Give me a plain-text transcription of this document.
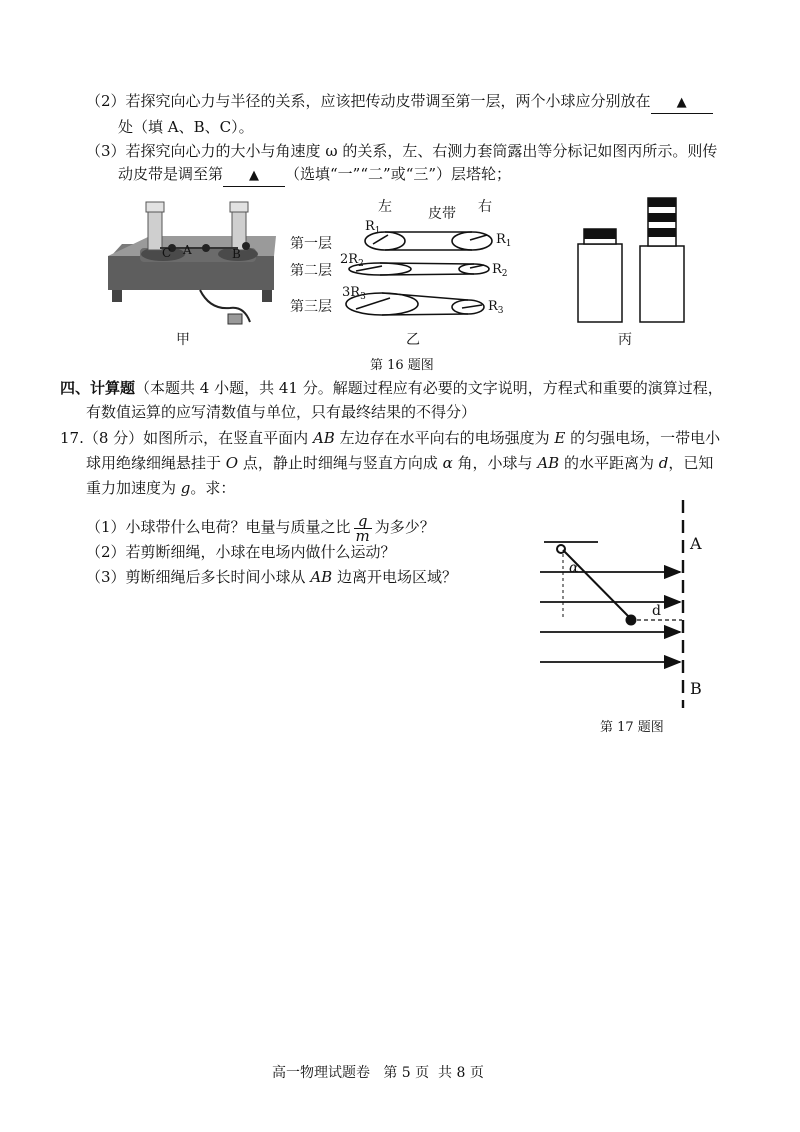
（2）若探究向心力与半径的关系，应该把传动皮带调至第一层，两个小球应分别放在 ▲
处（填 A、B、C）。
（3）若探究向心力的大小与角速度 ω 的关系，左、右测力套筒露出等分标记如图丙所示。则传
动皮带是调至第 ▲ （选填“一”“二”或“三”）层塔轮；
C A	B
甲
左	皮带 右
第一层
$R_1$
$R_1$
第二层
$2R_2$	$R_2$
第三层
$3R_3$
$R_3$
乙	丙
第 16 题图
四、计算题（本题共 4 小题，共 41 分。解题过程应有必要的文字说明，方程式和重要的演算过程，
有数值运算的应写清数值与单位，只有最终结果的不得分）
17.（8 分）如图所示，在竖直平面内 AB 左边存在水平向右的电场强度为 E 的匀强电场，一带电小
球用绝缘细绳悬挂于 O 点，静止时细绳与竖直方向成 α 角，小球与 AB 的水平距离为 d，已知
重力加速度为 g。求：
（1）小球带什么电荷？电量与质量之比 $\frac{q}{m}$ 为多少？
（2）若剪断细绳，小球在电场内做什么运动？
（3）剪断细绳后多长时间小球从 AB 边离开电场区域？
A
B
α
d
第 17 题图
高一物理试题卷   第 5 页  共 8 页
